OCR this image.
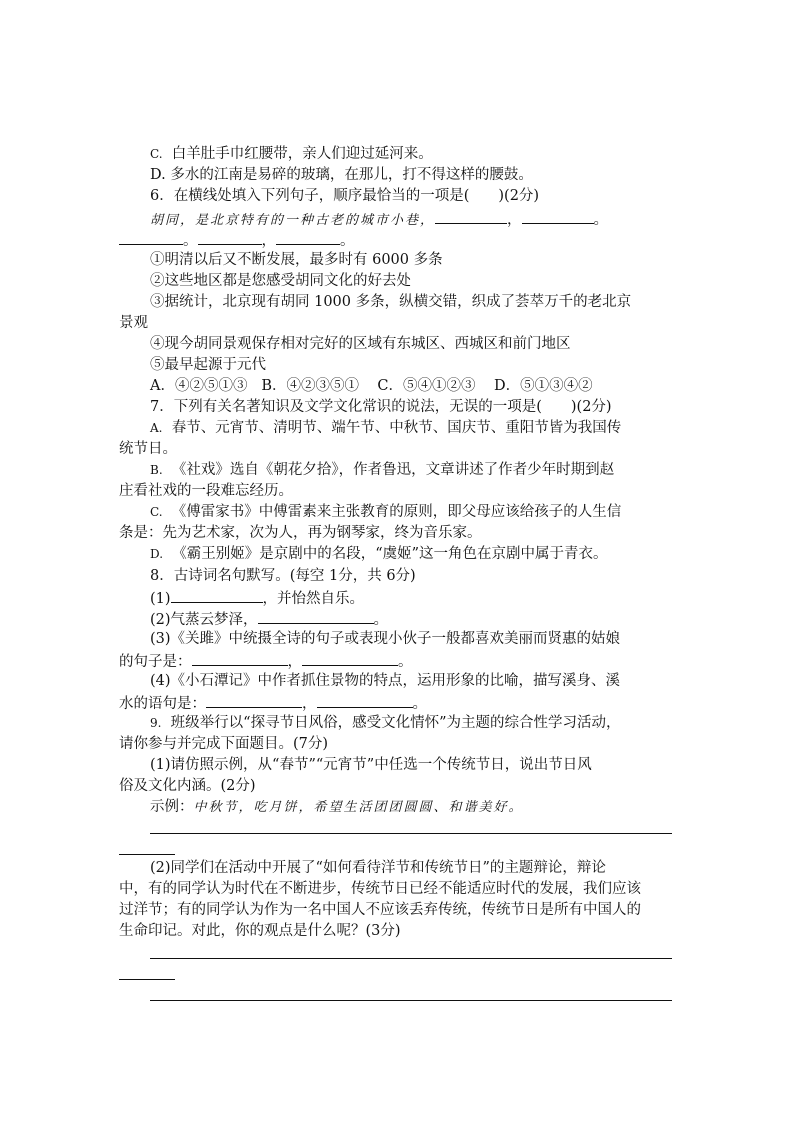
C. 白羊肚手巾红腰带，亲人们迎过延河来。
D. 多水的江南是易碎的玻璃，在那儿，打不得这样的腰鼓。
6．在横线处填入下列句子，顺序最恰当的一项是(　　)(2分)
胡同，是北京特有的一种古老的城市小巷，	，	。
。	，	。
①明清以后又不断发展，最多时有 6000 多条
②这些地区都是您感受胡同文化的好去处
③据统计，北京现有胡同 1000 多条，纵横交错，织成了荟萃万千的老北京
景观
④现今胡同景观保存相对完好的区域有东城区、西城区和前门地区
⑤最早起源于元代
A．④②⑤①③ B．④②③⑤① C．⑤④①②③ D．⑤①③④②
7．下列有关名著知识及文学文化常识的说法，无误的一项是(　　)(2分)
A. 春节、元宵节、清明节、端午节、中秋节、国庆节、重阳节皆为我国传
统节日。
B. 《社戏》选自《朝花夕拾》，作者鲁迅，文章讲述了作者少年时期到赵
庄看社戏的一段难忘经历。
C. 《傅雷家书》中傅雷素来主张教育的原则，即父母应该给孩子的人生信
条是：先为艺术家，次为人，再为钢琴家，终为音乐家。
D. 《霸王别姬》是京剧中的名段，“虞姬”这一角色在京剧中属于青衣。
8．古诗词名句默写。(每空 1分，共 6分)
(1)	，并怡然自乐。
(2)气蒸云梦泽，	。
(3)《关雎》中统摄全诗的句子或表现小伙子一般都喜欢美丽而贤惠的姑娘
的句子是：	，	。
(4)《小石潭记》中作者抓住景物的特点，运用形象的比喻，描写溪身、溪
水的语句是：	，	。
9. 班级举行以“探寻节日风俗，感受文化情怀”为主题的综合性学习活动，
请你参与并完成下面题目。(7分)
(1)请仿照示例，从“春节”“元宵节”中任选一个传统节日，说出节日风
俗及文化内涵。(2分)
示例：中秋节，吃月饼，希望生活团团圆圆、和谐美好。
(2)同学们在活动中开展了“如何看待洋节和传统节日”的主题辩论，辩论
中，有的同学认为时代在不断进步，传统节日已经不能适应时代的发展，我们应该
过洋节；有的同学认为作为一名中国人不应该丢弃传统，传统节日是所有中国人的
生命印记。对此，你的观点是什么呢？(3分)
